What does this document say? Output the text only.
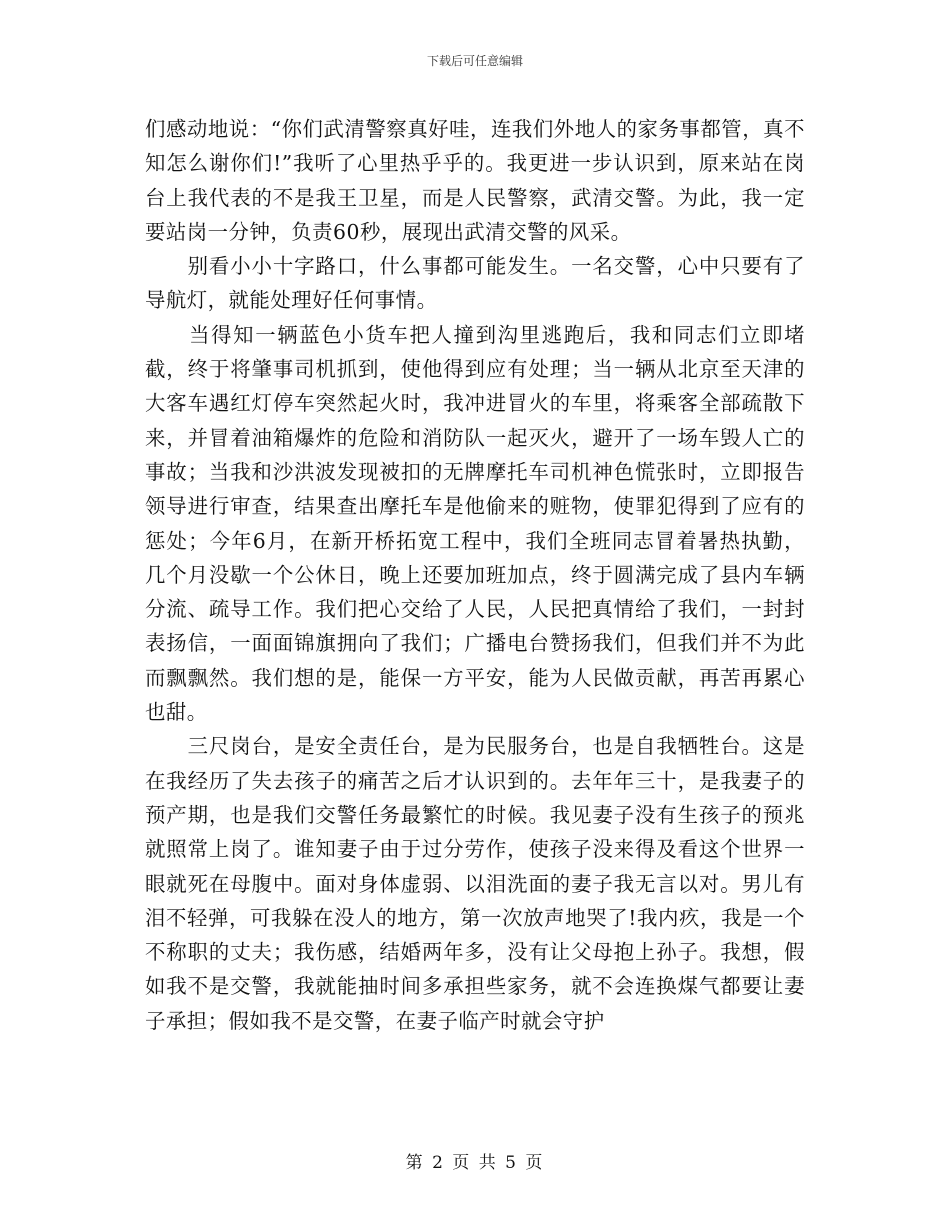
下载后可任意编辑

们感动地说：“你们武清警察真好哇，连我们外地人的家务事都管，真不知怎么谢你们!”我听了心里热乎乎的。我更进一步认识到，原来站在岗台上我代表的不是我王卫星，而是人民警察，武清交警。为此，我一定要站岗一分钟，负责60秒，展现出武清交警的风采。

　　别看小小十字路口，什么事都可能发生。一名交警，心中只要有了导航灯，就能处理好任何事情。

　　当得知一辆蓝色小货车把人撞到沟里逃跑后，我和同志们立即堵截，终于将肇事司机抓到，使他得到应有处理；当一辆从北京至天津的大客车遇红灯停车突然起火时，我冲进冒火的车里，将乘客全部疏散下来，并冒着油箱爆炸的危险和消防队一起灭火，避开了一场车毁人亡的事故；当我和沙洪波发现被扣的无牌摩托车司机神色慌张时，立即报告领导进行审查，结果查出摩托车是他偷来的赃物，使罪犯得到了应有的惩处；今年6月，在新开桥拓宽工程中，我们全班同志冒着暑热执勤，几个月没歇一个公休日，晚上还要加班加点，终于圆满完成了县内车辆分流、疏导工作。我们把心交给了人民，人民把真情给了我们，一封封表扬信，一面面锦旗拥向了我们；广播电台赞扬我们，但我们并不为此而飘飘然。我们想的是，能保一方平安，能为人民做贡献，再苦再累心也甜。

　　三尺岗台，是安全责任台，是为民服务台，也是自我牺牲台。这是在我经历了失去孩子的痛苦之后才认识到的。去年年三十，是我妻子的预产期，也是我们交警任务最繁忙的时候。我见妻子没有生孩子的预兆就照常上岗了。谁知妻子由于过分劳作，使孩子没来得及看这个世界一眼就死在母腹中。面对身体虚弱、以泪洗面的妻子我无言以对。男儿有泪不轻弹，可我躲在没人的地方，第一次放声地哭了!我内疚，我是一个不称职的丈夫；我伤感，结婚两年多，没有让父母抱上孙子。我想，假如我不是交警，我就能抽时间多承担些家务，就不会连换煤气都要让妻子承担；假如我不是交警，在妻子临产时就会守护

第 2 页 共 5 页
